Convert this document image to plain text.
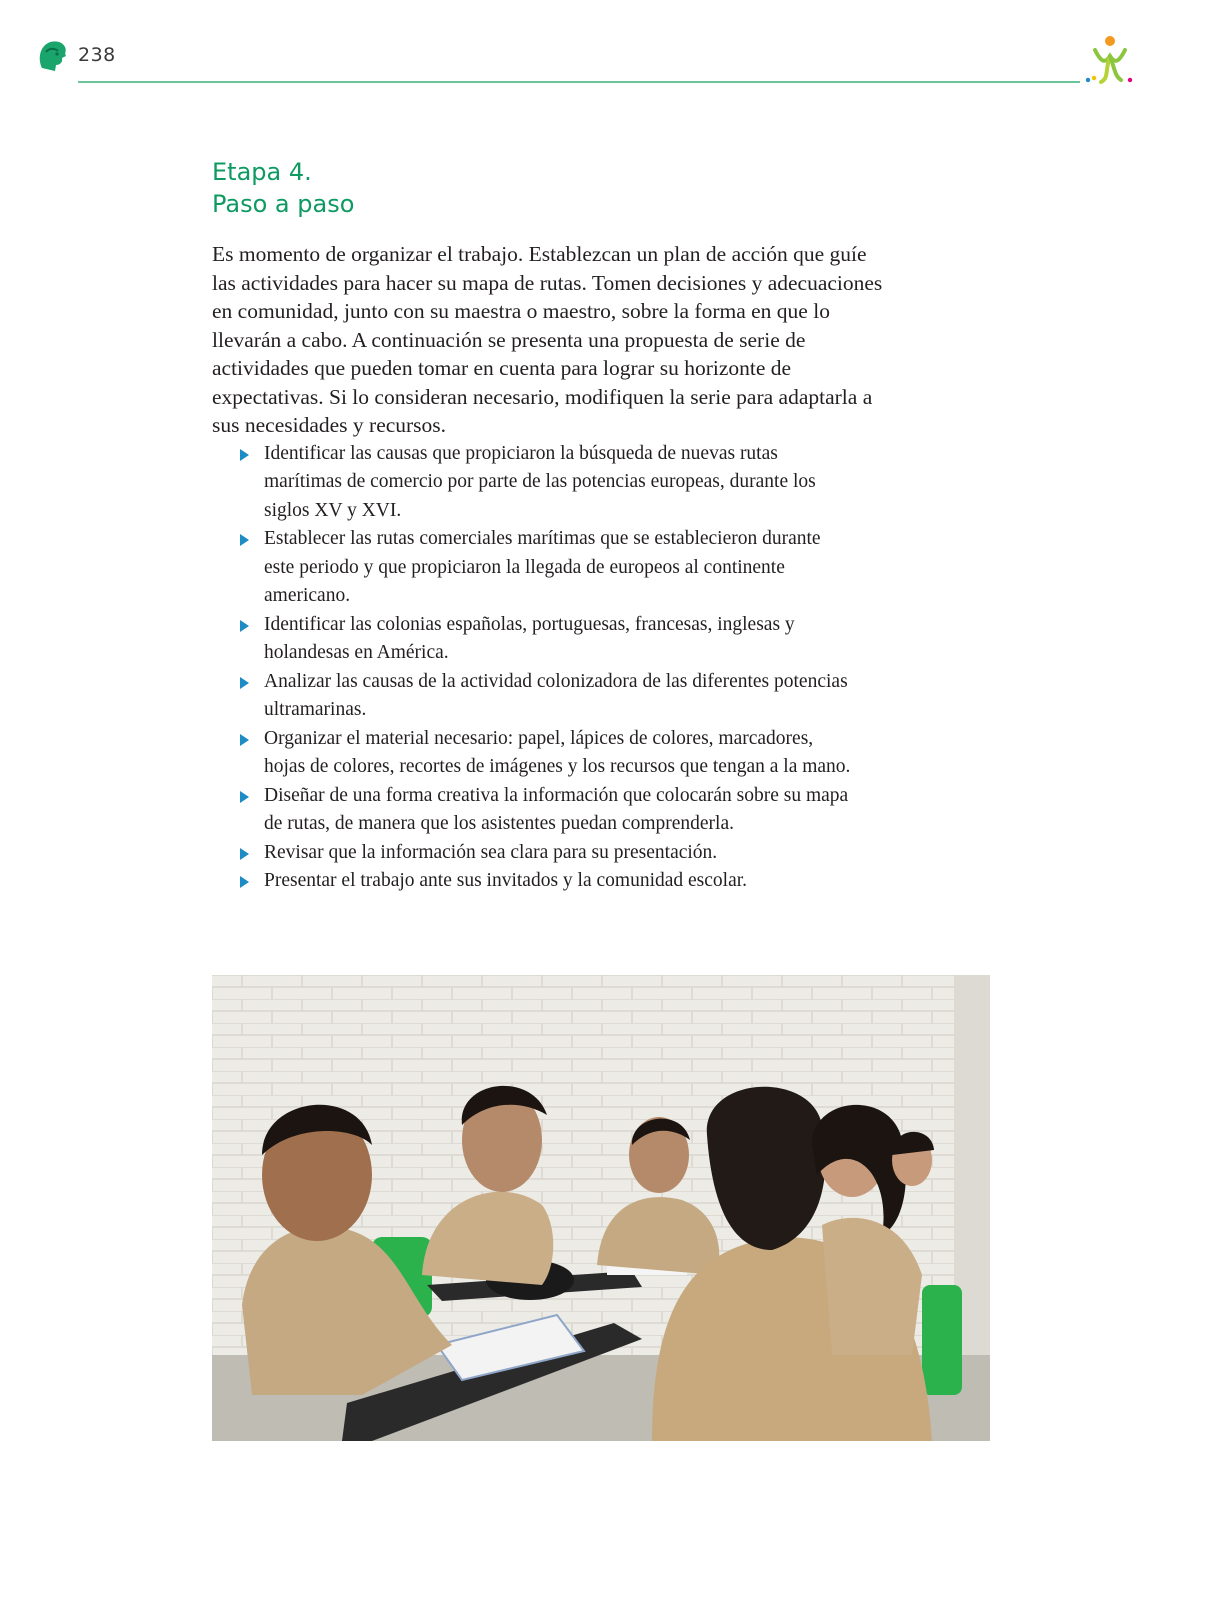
238
Etapa 4.
Paso a paso

Es momento de organizar el trabajo. Establezcan un plan de acción que guíe las actividades para hacer su mapa de rutas. Tomen decisiones y adecuaciones en comunidad, junto con su maestra o maestro, sobre la forma en que lo llevarán a cabo. A continuación se presenta una propuesta de serie de actividades que pueden tomar en cuenta para lograr su horizonte de expectativas. Si lo consideran necesario, modifiquen la serie para adaptarla a sus necesidades y recursos.

Identificar las causas que propiciaron la búsqueda de nuevas rutas marítimas de comercio por parte de las potencias europeas, durante los siglos XV y XVI.
Establecer las rutas comerciales marítimas que se establecieron durante este periodo y que propiciaron la llegada de europeos al continente americano.
Identificar las colonias españolas, portuguesas, francesas, inglesas y holandesas en América.
Analizar las causas de la actividad colonizadora de las diferentes potencias ultramarinas.
Organizar el material necesario: papel, lápices de colores, marcadores, hojas de colores, recortes de imágenes y los recursos que tengan a la mano.
Diseñar de una forma creativa la información que colocarán sobre su mapa de rutas, de manera que los asistentes puedan comprenderla.
Revisar que la información sea clara para su presentación.
Presentar el trabajo ante sus invitados y la comunidad escolar.
